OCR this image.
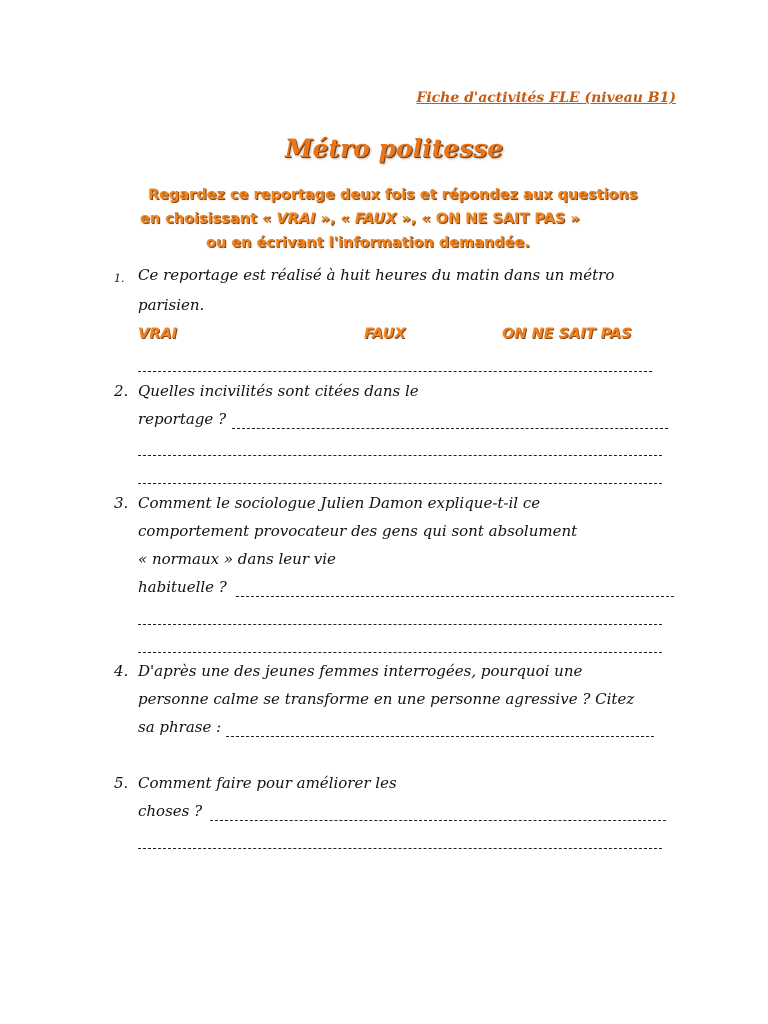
Fiche d'activités FLE (niveau B1)
Métro politesse
Regardez ce reportage deux fois et répondez aux questions
en choisissant « VRAI », « FAUX », « ON NE SAIT PAS »
ou en écrivant l'information demandée.
1. Ce reportage est réalisé à huit heures du matin dans un métro
parisien.
VRAI	FAUX	ON NE SAIT PAS
2. Quelles incivilités sont citées dans le
reportage ?
3. Comment le sociologue Julien Damon explique-t-il ce
comportement provocateur des gens qui sont absolument
« normaux » dans leur vie
habituelle ?
4. D'après une des jeunes femmes interrogées, pourquoi une
personne calme se transforme en une personne agressive ? Citez
sa phrase :
5. Comment faire pour améliorer les
choses ?
